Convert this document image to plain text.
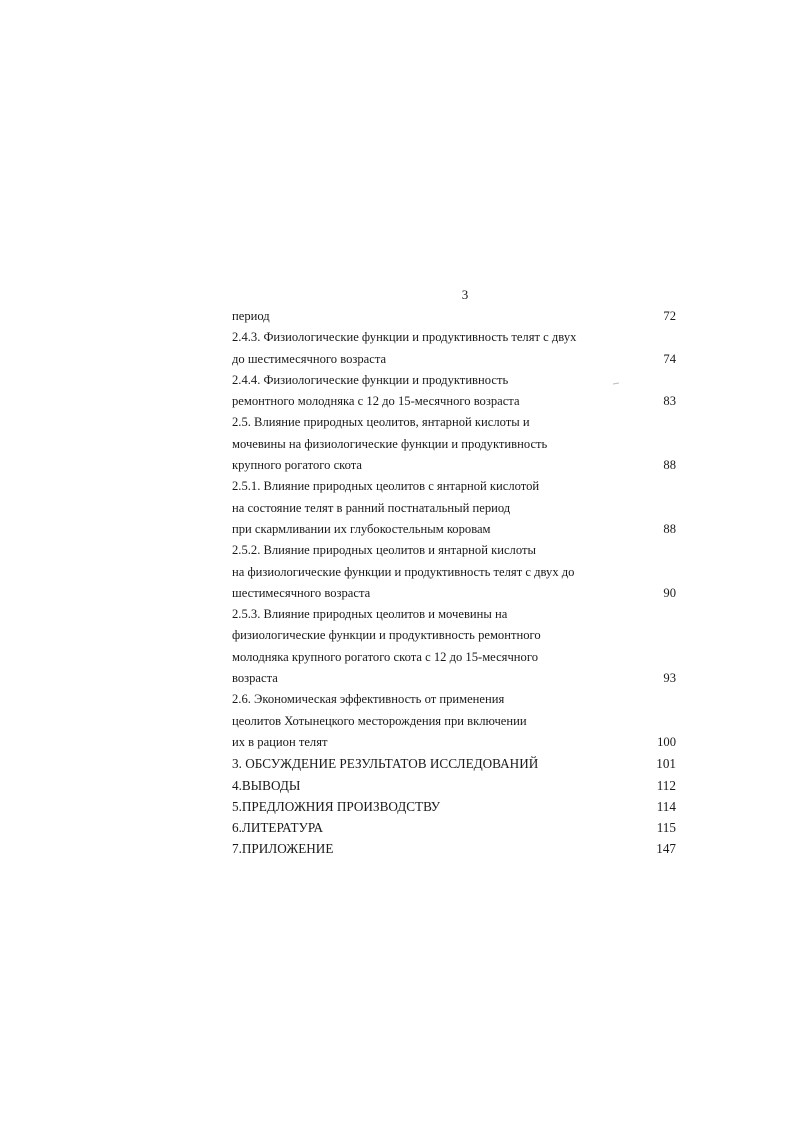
3
период	72
2.4.3. Физиологические функции и продуктивность телят с двух
до шестимесячного возраста	74
2.4.4. Физиологические функции и продуктивность
ремонтного молодняка с 12 до 15-месячного возраста	83
2.5. Влияние природных цеолитов, янтарной кислоты и
мочевины на физиологические функции и продуктивность
крупного рогатого скота	88
2.5.1. Влияние природных цеолитов с янтарной кислотой
на состояние телят в ранний постнатальный период
при скармливании их глубокостельным коровам	88
2.5.2. Влияние природных цеолитов и янтарной кислоты
на физиологические функции и продуктивность телят с двух до
шестимесячного возраста	90
2.5.3. Влияние природных цеолитов и мочевины на
физиологические функции и продуктивность ремонтного
молодняка крупного рогатого скота с 12 до 15-месячного
возраста	93
2.6. Экономическая эффективность от применения
цеолитов Хотынецкого месторождения при включении
их в рацион телят	100
3. ОБСУЖДЕНИЕ РЕЗУЛЬТАТОВ ИССЛЕДОВАНИЙ	101
4.ВЫВОДЫ	112
5.ПРЕДЛОЖНИЯ ПРОИЗВОДСТВУ	114
6.ЛИТЕРАТУРА	115
7.ПРИЛОЖЕНИЕ	147
